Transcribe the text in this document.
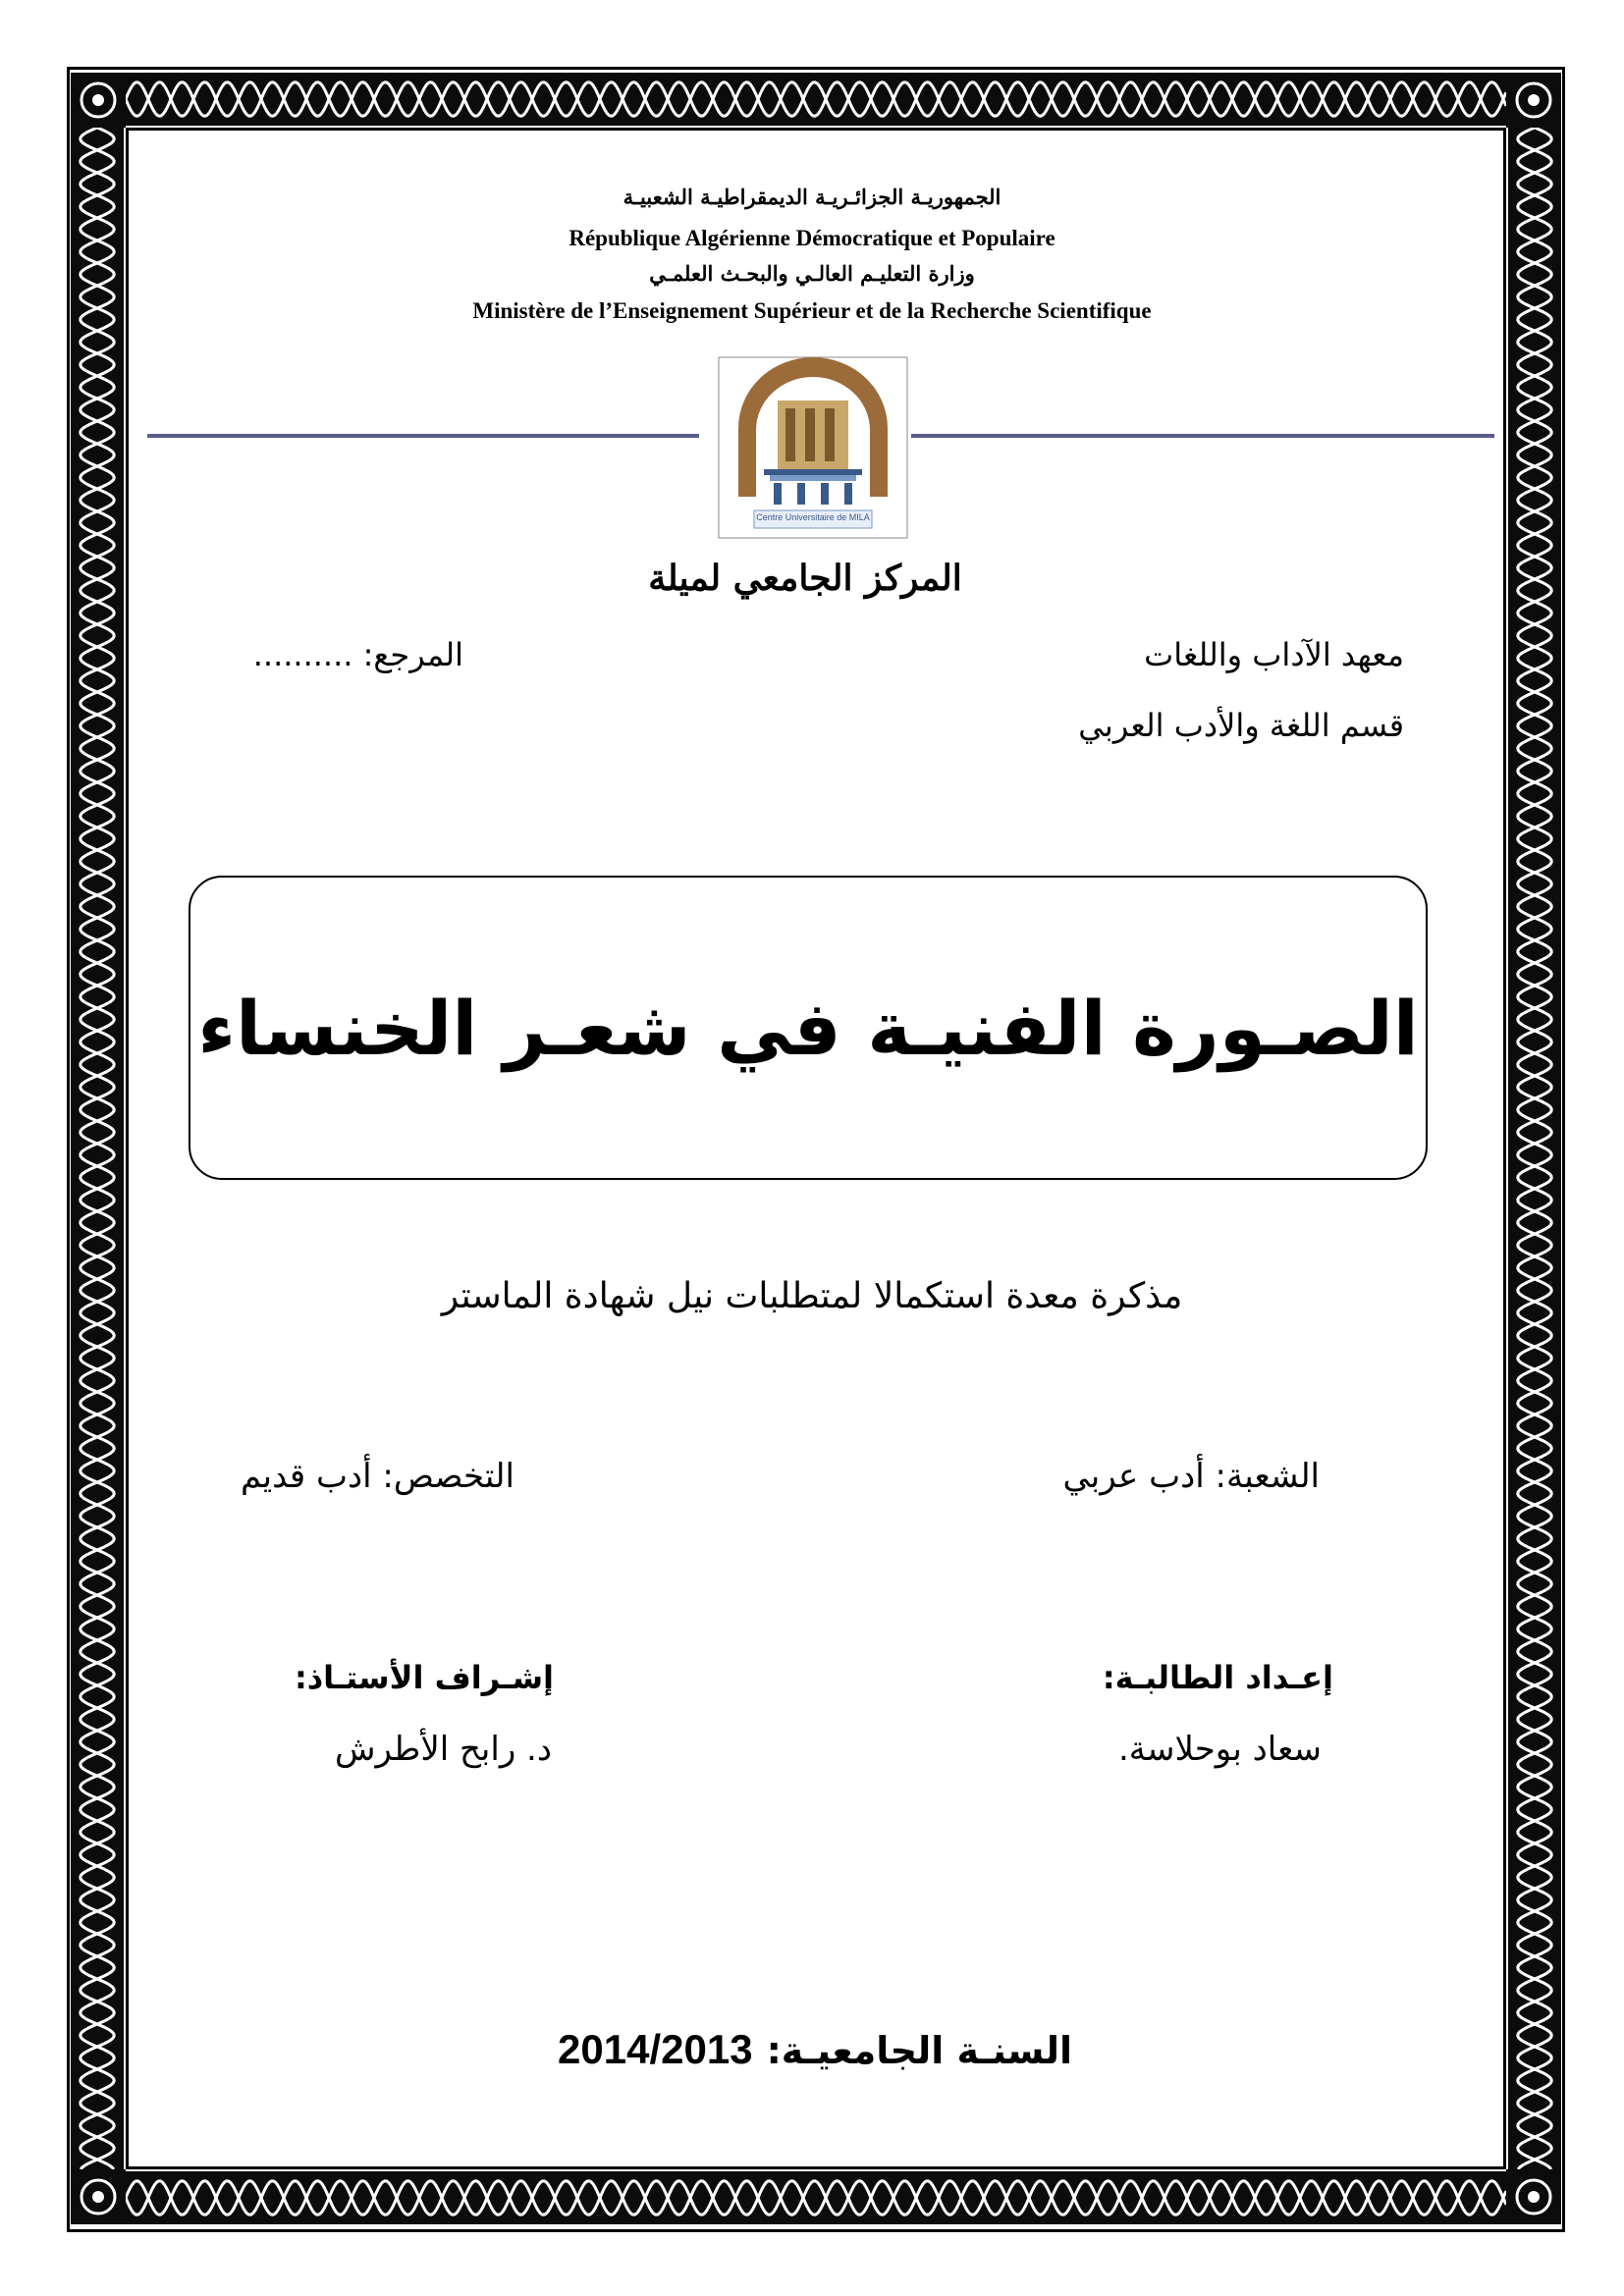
الجمهوريـة الجزائـريـة الديمقراطيـة الشعبيـة
République Algérienne Démocratique et Populaire
وزارة التعليـم العالـي والبحـث العلمـي
Ministère de l’Enseignement Supérieur et de la Recherche Scientifique
Centre Universitaire de MILA
المركز الجامعي لميلة
معهد الآداب واللغات
المرجع: ..........
قسم اللغة والأدب العربي
الصـورة الفنيـة في شعـر الخنساء
مذكرة معدة استكمالا لمتطلبات نيل شهادة الماستر
الشعبة: أدب عربي
التخصص: أدب قديم
إعـداد الطالبـة:
إشـراف الأستـاذ:
سعاد بوحلاسة.
د. رابح الأطرش
السنـة الجامعيـة:
2014/2013
